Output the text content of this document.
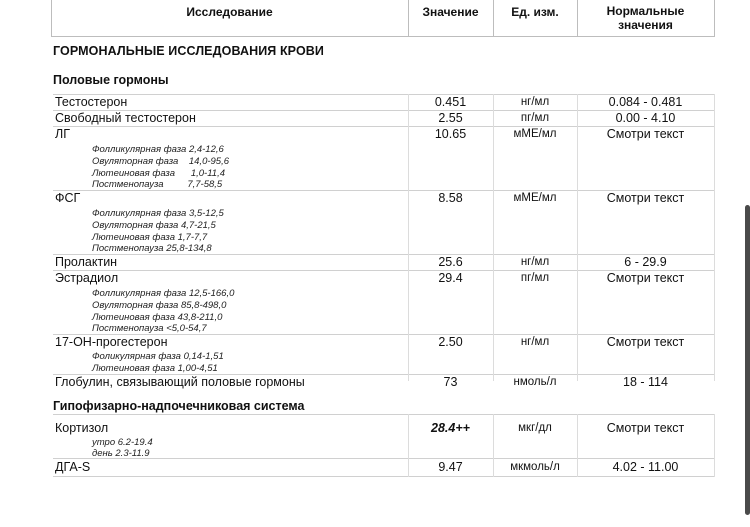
Исследование	Значение	Ед. изм.	Нормальные
значения
ГОРМОНАЛЬНЫЕ ИССЛЕДОВАНИЯ КРОВИ
Половые гормоны
Тестостерон	0.451	нг/мл	0.084 - 0.481
Свободный тестостерон	2.55	пг/мл	0.00 - 4.10
ЛГ	10.65	мМЕ/мл	Смотри текст
Фолликулярная фаза 2,4-12,6
Овуляторная фаза    14,0-95,6
Лютеиновая фаза      1,0-11,4
Постменопауза         7,7-58,5
ФСГ	8.58	мМЕ/мл	Смотри текст
Фолликулярная фаза 3,5-12,5
Овуляторная фаза 4,7-21,5
Лютеиновая фаза 1,7-7,7
Постменопауза 25,8-134,8
Пролактин	25.6	нг/мл	6 - 29.9
Эстрадиол	29.4	пг/мл	Смотри текст
Фолликулярная фаза 12,5-166,0
Овуляторная фаза 85,8-498,0
Лютеиновая фаза 43,8-211,0
Постменопауза <5,0-54,7
17-ОН-прогестерон	2.50	нг/мл	Смотри текст
Фоликулярная фаза 0,14-1,51
Лютеиновая фаза 1,00-4,51
Глобулин, связывающий половые гормоны	73	нмоль/л	18 - 114
Гипофизарно-надпочечниковая система
Кортизол	28.4++	мкг/дл	Смотри текст
утро 6.2-19.4
день 2.3-11.9
ДГА-S	9.47	мкмоль/л	4.02 - 11.00
